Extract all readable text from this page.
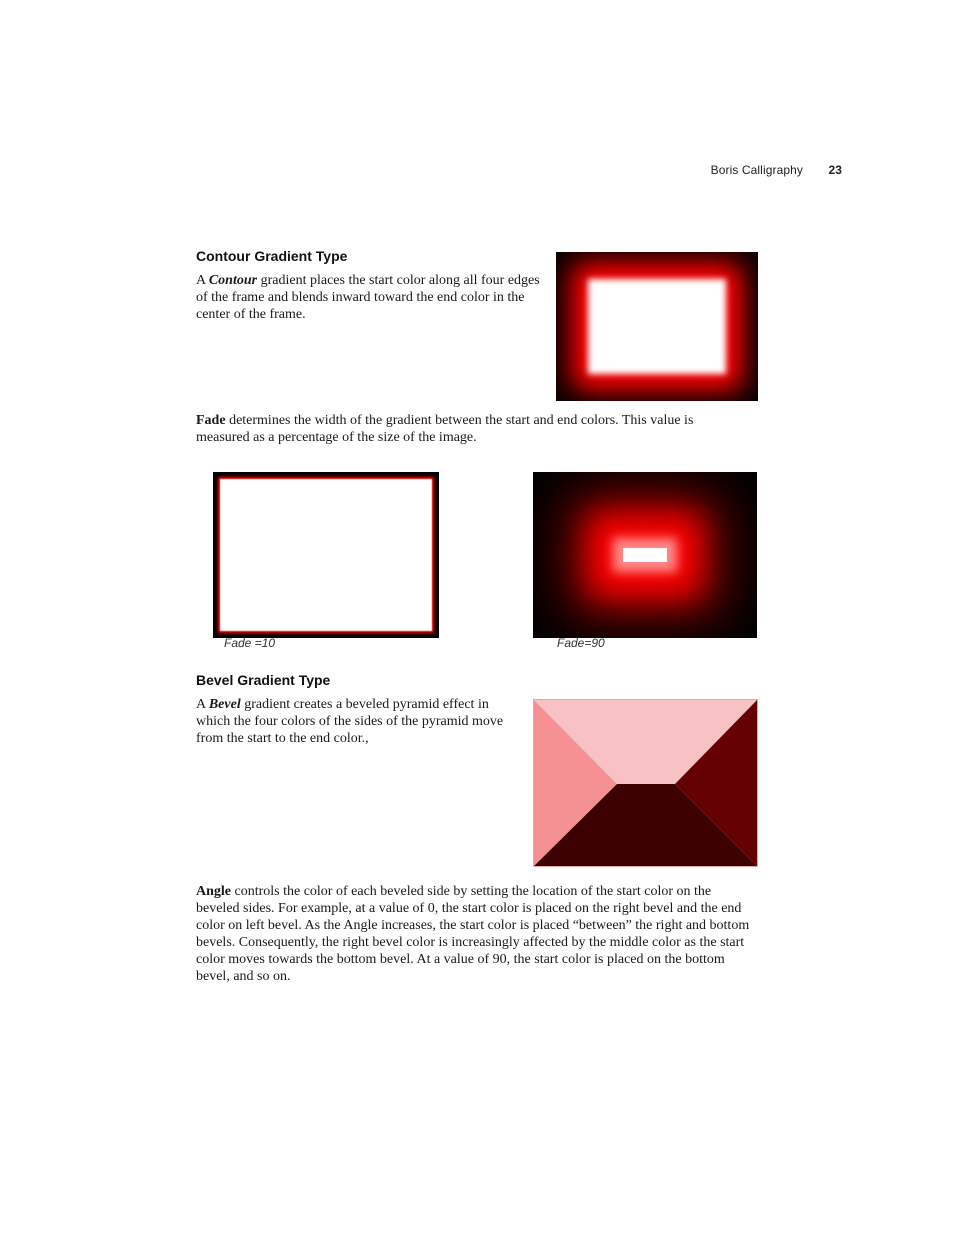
Boris Calligraphy 23
Contour Gradient Type

A Contour gradient places the start color along all four edges of the frame and blends inward toward the end color in the center of the frame.

Fade determines the width of the gradient between the start and end colors. This value is measured as a percentage of the size of the image.

Fade =10	Fade=90

Bevel Gradient Type

A Bevel gradient creates a beveled pyramid effect in which the four colors of the sides of the pyramid move from the start to the end color.,

Angle controls the color of each beveled side by setting the location of the start color on the beveled sides. For example, at a value of 0, the start color is placed on the right bevel and the end color on left bevel. As the Angle increases, the start color is placed “between” the right and bottom bevels. Consequently, the right bevel color is increasingly affected by the middle color as the start color moves towards the bottom bevel. At a value of 90, the start color is placed on the bottom bevel, and so on.
